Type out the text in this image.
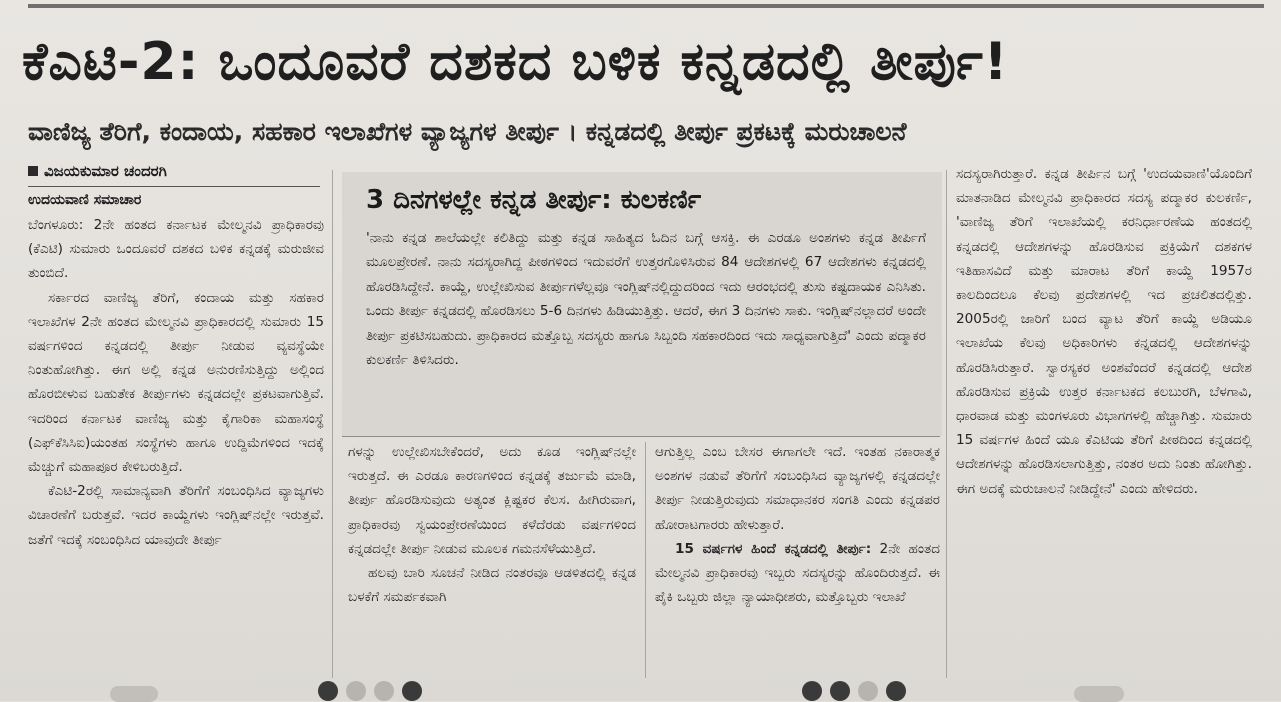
ಕೆಎಟಿ-2: ಒಂದೂವರೆ ದಶಕದ ಬಳಿಕ ಕನ್ನಡದಲ್ಲಿ ತೀರ್ಪು!
ವಾಣಿಜ್ಯ ತೆರಿಗೆ, ಕಂದಾಯ, ಸಹಕಾರ ಇಲಾಖೆಗಳ ವ್ಯಾಜ್ಯಗಳ ತೀರ್ಪು । ಕನ್ನಡದಲ್ಲಿ ತೀರ್ಪು ಪ್ರಕಟಕ್ಕೆ ಮರುಚಾಲನೆ
ವಿಜಯಕುಮಾರ ಚಂದರಗಿ
ಉದಯವಾಣಿ ಸಮಾಚಾರ

ಬೆಂಗಳೂರು: 2ನೇ ಹಂತದ ಕರ್ನಾಟಕ ಮೇಲ್ಮನವಿ ಪ್ರಾಧಿಕಾರವು (ಕೆಎಟಿ) ಸುಮಾರು ಒಂದೂವರೆ ದಶಕದ ಬಳಿಕ ಕನ್ನಡಕ್ಕೆ ಮರುಜೀವ ತುಂಬಿದೆ.

ಸರ್ಕಾರದ ವಾಣಿಜ್ಯ ತೆರಿಗೆ, ಕಂದಾಯ ಮತ್ತು ಸಹಕಾರ ಇಲಾಖೆಗಳ 2ನೇ ಹಂತದ ಮೇಲ್ಮನವಿ ಪ್ರಾಧಿಕಾರದಲ್ಲಿ ಸುಮಾರು 15 ವರ್ಷಗಳಿಂದ ಕನ್ನಡದಲ್ಲಿ ತೀರ್ಪು ನೀಡುವ ವ್ಯವಸ್ಥೆಯೇ ನಿಂತುಹೋಗಿತ್ತು. ಈಗ ಅಲ್ಲಿ ಕನ್ನಡ ಅನುರಣಿಸುತ್ತಿದ್ದು ಅಲ್ಲಿಂದ ಹೊರಬೀಳುವ ಬಹುತೇಕ ತೀರ್ಪುಗಳು ಕನ್ನಡದಲ್ಲೇ ಪ್ರಕಟವಾಗುತ್ತಿವೆ. ಇದರಿಂದ ಕರ್ನಾಟಕ ವಾಣಿಜ್ಯ ಮತ್ತು ಕೈಗಾರಿಕಾ ಮಹಾಸಂಸ್ಥೆ (ಎಫ್‌ಕೆಸಿಸಿಐ)ಯಂತಹ ಸಂಸ್ಥೆಗಳು ಹಾಗೂ ಉದ್ದಿಮೆಗಳಿಂದ ಇದಕ್ಕೆ ಮೆಚ್ಚುಗೆ ಮಹಾಪೂರ ಕೇಳಿಬರುತ್ತಿದೆ.

ಕೆಎಟಿ-2ರಲ್ಲಿ ಸಾಮಾನ್ಯವಾಗಿ ತೆರಿಗೆಗೆ ಸಂಬಂಧಿಸಿದ ವ್ಯಾಜ್ಯಗಳು ವಿಚಾರಣೆಗೆ ಬರುತ್ತವೆ. ಇದರ ಕಾಯ್ದೆಗಳು ಇಂಗ್ಲಿಷ್‌ನಲ್ಲೇ ಇರುತ್ತವೆ. ಜತೆಗೆ ಇದಕ್ಕೆ ಸಂಬಂಧಿಸಿದ ಯಾವುದೇ ತೀರ್ಪು

3 ದಿನಗಳಲ್ಲೇ ಕನ್ನಡ ತೀರ್ಪು: ಕುಲಕರ್ಣಿ
'ನಾನು ಕನ್ನಡ ಶಾಲೆಯಲ್ಲೇ ಕಲಿತಿದ್ದು ಮತ್ತು ಕನ್ನಡ ಸಾಹಿತ್ಯದ ಓದಿನ ಬಗ್ಗೆ ಆಸಕ್ತಿ. ಈ ಎರಡೂ ಅಂಶಗಳು ಕನ್ನಡ ತೀರ್ಪಿಗೆ ಮೂಲಪ್ರೇರಣೆ. ನಾನು ಸದಸ್ಯರಾಗಿದ್ದ ಪೀಠಗಳಿಂದ ಇದುವರೆಗೆ ಉತ್ತರಗೊಳಿಸಿರುವ 84 ಆದೇಶಗಳಲ್ಲಿ 67 ಆದೇಶಗಳು ಕನ್ನಡದಲ್ಲಿ ಹೊರಡಿಸಿದ್ದೇನೆ. ಕಾಯ್ದೆ, ಉಲ್ಲೇಖಿಸುವ ತೀರ್ಪುಗಳೆಲ್ಲವೂ ಇಂಗ್ಲಿಷ್‌ನಲ್ಲಿದ್ದುದರಿಂದ ಇದು ಆರಂಭದಲ್ಲಿ ತುಸು ಕಷ್ಟದಾಯಕ ಎನಿಸಿತು. ಒಂದು ತೀರ್ಪು ಕನ್ನಡದಲ್ಲಿ ಹೊರಡಿಸಲು 5-6 ದಿನಗಳು ಹಿಡಿಯುತ್ತಿತ್ತು. ಆದರೆ, ಈಗ 3 ದಿನಗಳು ಸಾಕು. ಇಂಗ್ಲಿಷ್‌ನಲ್ಲಾದರೆ ಅಂದೇ ತೀರ್ಪು ಪ್ರಕಟಿಸಬಹುದು. ಪ್ರಾಧಿಕಾರದ ಮತ್ತೊಬ್ಬ ಸದಸ್ಯರು ಹಾಗೂ ಸಿಬ್ಬಂದಿ ಸಹಕಾರದಿಂದ ಇದು ಸಾಧ್ಯವಾಗುತ್ತಿದೆ' ಎಂದು ಪದ್ಮಾಕರ ಕುಲಕರ್ಣಿ ತಿಳಿಸಿದರು.

ಗಳನ್ನು ಉಲ್ಲೇಖಿಸಬೇಕೆಂದರೆ, ಅದು ಕೂಡ ಇಂಗ್ಲಿಷ್‌ನಲ್ಲೇ ಇರುತ್ತದೆ. ಈ ಎರಡೂ ಕಾರಣಗಳಿಂದ ಕನ್ನಡಕ್ಕೆ ತರ್ಜುಮೆ ಮಾಡಿ, ತೀರ್ಪು ಹೊರಡಿಸುವುದು ಅತ್ಯಂತ ಕ್ಲಿಷ್ಟಕರ ಕೆಲಸ. ಹೀಗಿರುವಾಗ, ಪ್ರಾಧಿಕಾರವು ಸ್ವಯಂಪ್ರೇರಣೆಯಿಂದ ಕಳೆದೆರಡು ವರ್ಷಗಳಿಂದ ಕನ್ನಡದಲ್ಲೇ ತೀರ್ಪು ನೀಡುವ ಮೂಲಕ ಗಮನಸೆಳೆಯುತ್ತಿದೆ.

ಹಲವು ಬಾರಿ ಸೂಚನೆ ನೀಡಿದ ನಂತರವೂ ಆಡಳಿತದಲ್ಲಿ ಕನ್ನಡ ಬಳಕೆಗೆ ಸಮರ್ಪಕವಾಗಿ

ಆಗುತ್ತಿಲ್ಲ ಎಂಬ ಬೇಸರ ಈಗಾಗಲೇ ಇದೆ. ಇಂತಹ ನಕಾರಾತ್ಮಕ ಅಂಶಗಳ ನಡುವೆ ತೆರಿಗೆಗೆ ಸಂಬಂಧಿಸಿದ ವ್ಯಾಜ್ಯಗಳಲ್ಲಿ ಕನ್ನಡದಲ್ಲೇ ತೀರ್ಪು ನೀಡುತ್ತಿರುವುದು ಸಮಾಧಾನಕರ ಸಂಗತಿ ಎಂದು ಕನ್ನಡಪರ ಹೋರಾಟಗಾರರು ಹೇಳುತ್ತಾರೆ.

15 ವರ್ಷಗಳ ಹಿಂದೆ ಕನ್ನಡದಲ್ಲಿ ತೀರ್ಪು: 2ನೇ ಹಂತದ ಮೇಲ್ಮನವಿ ಪ್ರಾಧಿಕಾರವು ಇಬ್ಬರು ಸದಸ್ಯರನ್ನು ಹೊಂದಿರುತ್ತದೆ. ಈ ಪೈಕಿ ಒಬ್ಬರು ಜಿಲ್ಲಾ ನ್ಯಾಯಾಧೀಶರು, ಮತ್ತೊಬ್ಬರು ಇಲಾಖೆ

ಸದಸ್ಯರಾಗಿರುತ್ತಾರೆ. ಕನ್ನಡ ತೀರ್ಪಿನ ಬಗ್ಗೆ 'ಉದಯವಾಣಿ'ಯೊಂದಿಗೆ ಮಾತನಾಡಿದ ಮೇಲ್ಮನವಿ ಪ್ರಾಧಿಕಾರದ ಸದಸ್ಯ ಪದ್ಮಾಕರ ಕುಲಕರ್ಣಿ, 'ವಾಣಿಜ್ಯ ತೆರಿಗೆ ಇಲಾಖೆಯಲ್ಲಿ ಕರನಿರ್ಧಾರಣೆಯ ಹಂತದಲ್ಲಿ ಕನ್ನಡದಲ್ಲಿ ಆದೇಶಗಳನ್ನು ಹೊರಡಿಸುವ ಪ್ರಕ್ರಿಯೆಗೆ ದಶಕಗಳ ಇತಿಹಾಸವಿದೆ ಮತ್ತು ಮಾರಾಟ ತೆರಿಗೆ ಕಾಯ್ದೆ 1957ರ ಕಾಲದಿಂದಲೂ ಕೆಲವು ಪ್ರದೇಶಗಳಲ್ಲಿ ಇದ ಪ್ರಚಲಿತದಲ್ಲಿತ್ತು. 2005ರಲ್ಲಿ ಜಾರಿಗೆ ಬಂದ ವ್ಯಾಟ ತೆರಿಗೆ ಕಾಯ್ದೆ ಅಡಿಯೂ ಇಲಾಖೆಯ ಕೆಲವು ಅಧಿಕಾರಿಗಳು ಕನ್ನಡದಲ್ಲಿ ಆದೇಶಗಳನ್ನು ಹೊರಡಿಸಿರುತ್ತಾರೆ. ಸ್ವಾರಸ್ಯಕರ ಅಂಶವೆಂದರೆ ಕನ್ನಡದಲ್ಲಿ ಆದೇಶ ಹೊರಡಿಸುವ ಪ್ರಕ್ರಿಯೆ ಉತ್ತರ ಕರ್ನಾಟಕದ ಕಲಬುರಗಿ, ಬೆಳಗಾವಿ, ಧಾರವಾಡ ಮತ್ತು ಮಂಗಳೂರು ವಿಭಾಗಗಳಲ್ಲಿ ಹೆಚ್ಚಾಗಿತ್ತು. ಸುಮಾರು 15 ವರ್ಷಗಳ ಹಿಂದೆ ಯೂ ಕೆಎಟಿಯ ತೆರಿಗೆ ಪೀಠದಿಂದ ಕನ್ನಡದಲ್ಲಿ ಆದೇಶಗಳನ್ನು ಹೊರಡಿಸಲಾಗುತ್ತಿತ್ತು, ನಂತರ ಅದು ನಿಂತು ಹೋಗಿತ್ತು. ಈಗ ಅದಕ್ಕೆ ಮರುಚಾಲನೆ ನೀಡಿದ್ದೇನೆ' ಎಂದು ಹೇಳಿದರು.
